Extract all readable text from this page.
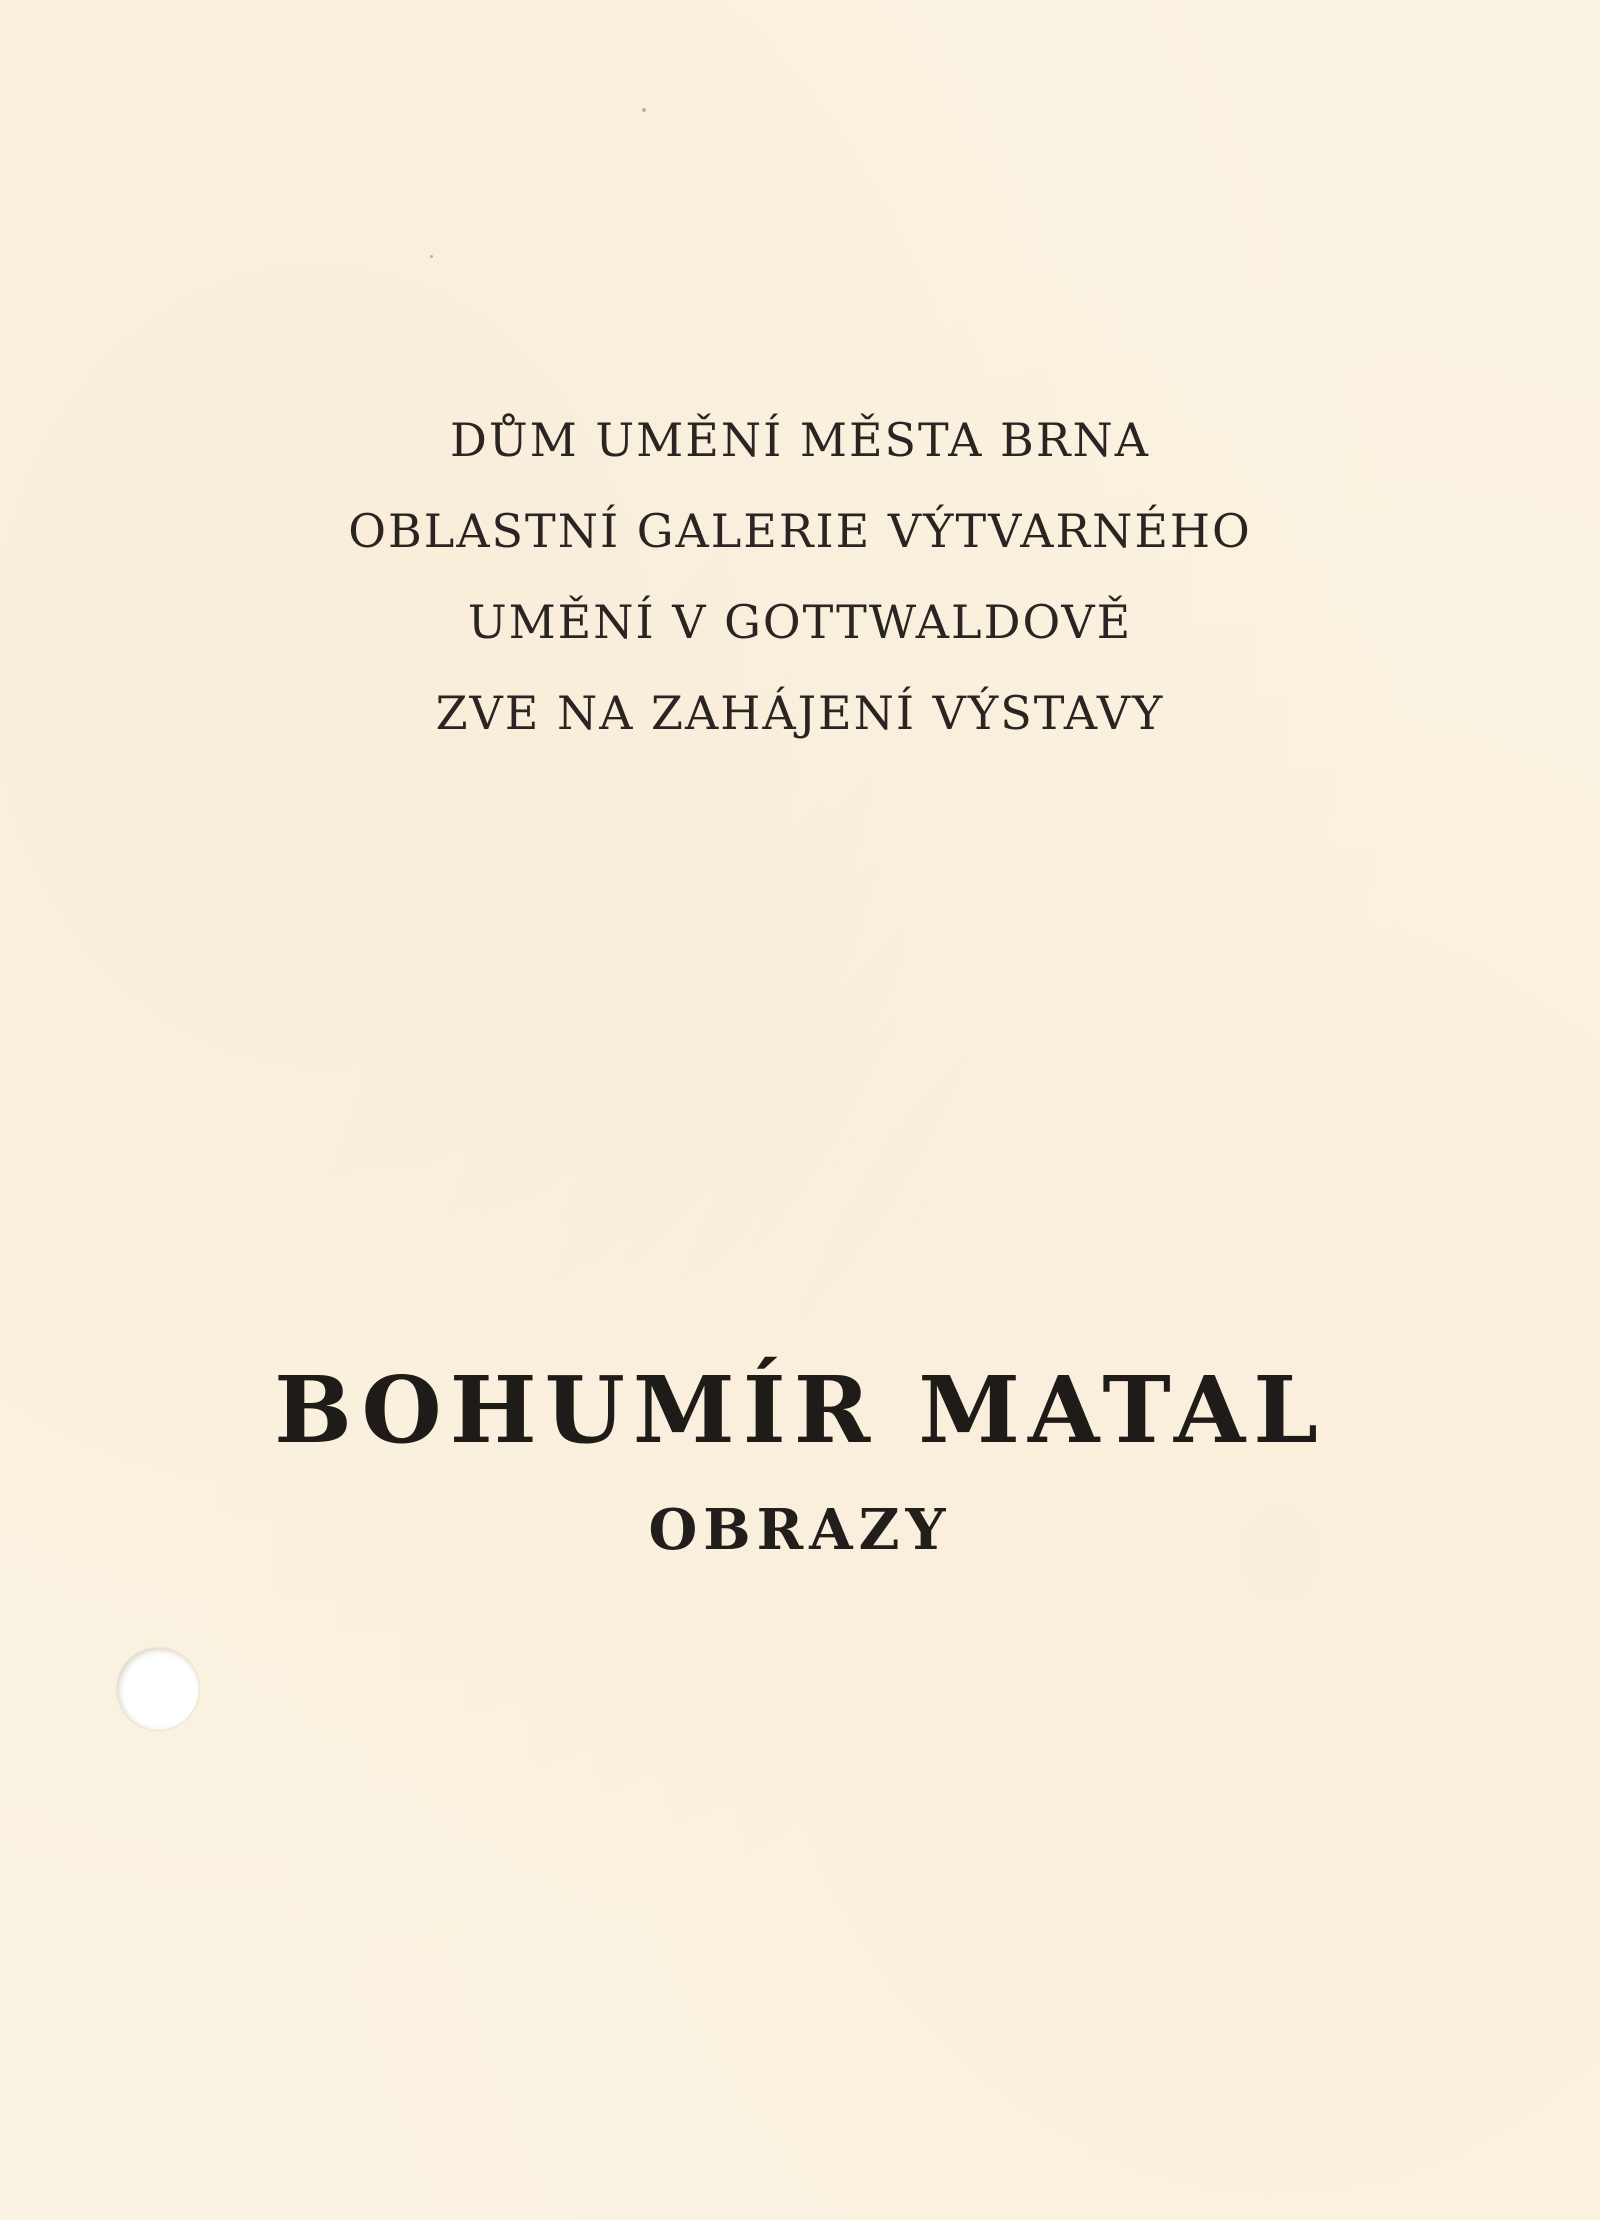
DŮM UMĚNÍ MĚSTA BRNA
OBLASTNÍ GALERIE VÝTVARNÉHO
UMĚNÍ V GOTTWALDOVĚ
ZVE NA ZAHÁJENÍ VÝSTAVY
BOHUMÍR MATAL
OBRAZY
